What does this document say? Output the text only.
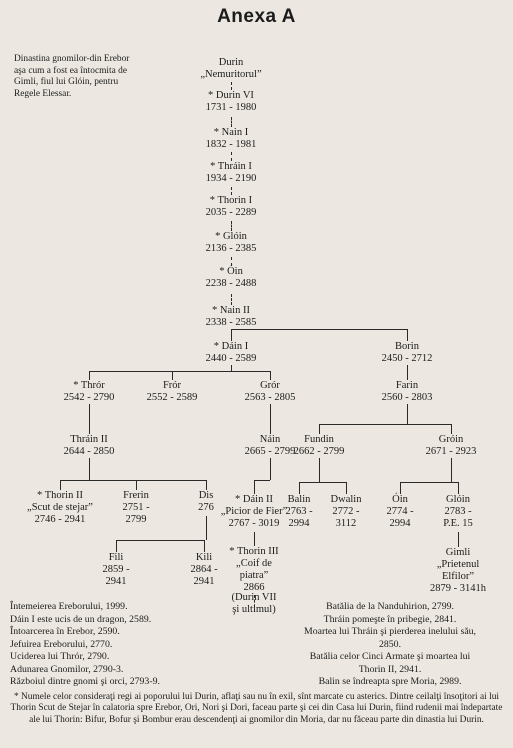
Anexa A
Dinastina gnomilor-din Erebor aşa cum a fost ea întocmita de Gimli, fiul lui Glóin, pentru Regele Elessar.
Durin
„Nemuritorul”
* Durin VI
1731 - 1980
* Nain I
1832 - 1981
* Thráin I
1934 - 2190
* Thorin I
2035 - 2289
* Glóin
2136 - 2385
* Óin
2238 - 2488
* Nain II
2338 - 2585
* Dáin I
2440 - 2589
Borin
2450 - 2712
* Thrór
2542 - 2790
Frór
2552 - 2589
Grór
2563 - 2805
Farin
2560 - 2803
Thráin II
2644 - 2850
Náin
2665 - 2799
Fundin
2662 - 2799
Gróin
2671 - 2923
* Thorin II
„Scut de stejar”
2746 - 2941
Frerin
2751 -
2799
Dis
276
* Dáin II
„Picior de Fier”
2767 - 3019
Balin
2763 -
2994
Dwalin
2772 -
3112
Óin
2774 -
2994
Glóin
2783 -
P.E. 15
Fili
2859 -
2941
Kili
2864 -
2941
* Thorin III
„Coif de
piatra”
2866
(Durin VII
şi ultimul)
Gimli
„Prietenul
Elfilor”
2879 - 3141h
Întemeierea Ereborului, 1999.
Dáin I este ucis de un dragon, 2589.
Întoarcerea în Erebor, 2590.
Jefuirea Ereborului, 2770.
Uciderea lui Thrór, 2790.
Adunarea Gnomilor, 2790-3.
Războiul dintre gnomi şi orci, 2793-9.
Batălia de la Nanduhirion, 2799.
Thráin pomeşte în pribegie, 2841.
Moartea lui Thráin şi pierderea inelului său,
2850.
Batălia celor Cinci Armate şi moartea lui
Thorin II, 2941.
Balin se îndreapta spre Moria, 2989.
* Numele celor consideraţi regi ai poporului lui Durin, aflaţi sau nu în exil, sînt marcate cu asterics. Dintre ceilalţi însoţitori ai lui Thorin Scut de Stejar în calatoria spre Erebor, Ori, Nori şi Dori, faceau parte şi cei din Casa lui Durin, fiind rudenii mai îndepartate ale lui Thorin: Bifur, Bofur şi Bombur erau descendenţi ai gnomilor din Moria, dar nu făceau parte din dinastia lui Durin.
